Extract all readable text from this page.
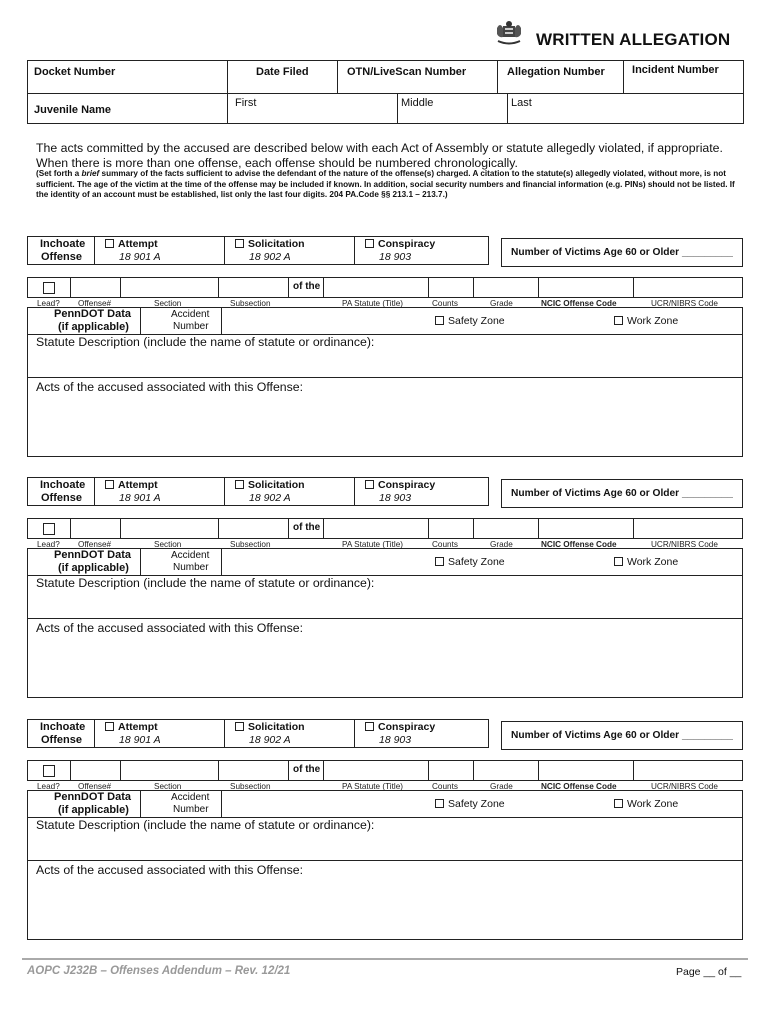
WRITTEN ALLEGATION
Docket Number	Date Filed	OTN/LiveScan Number		Allegation Number		Incident Number

Juvenile Name	First		Middle		Last	
The acts committed by the accused are described below with each Act of Assembly or statute allegedly violated, if appropriate. When there is more than one offense, each offense should be numbered chronologically.
(Set forth a brief summary of the facts sufficient to advise the defendant of the nature of the offense(s) charged. A citation to the statute(s) allegedly violated, without more, is not sufficient. The age of the victim at the time of the offense may be included if known. In addition, social security numbers and financial information (e.g. PINs) should not be listed. If the identity of an account must be established, list only the last four digits. 204 PA.Code §§ 213.1 – 213.7.)
Inchoate
Offense
Attempt
18 901 A
Solicitation
18 902 A
Conspiracy
18 903	Number of Victims Age 60 or Older _________
of the
Lead? Offense#	Section	Subsection	PA Statute (Title)	Counts	Grade	NCIC Offense Code	UCR/NIBRS Code
PennDOT Data
(if applicable)
Accident
Number	Safety Zone	Work Zone
Statute Description (include the name of statute or ordinance):
Acts of the accused associated with this Offense:
Inchoate
Offense
Attempt
18 901 A
Solicitation
18 902 A
Conspiracy
18 903	Number of Victims Age 60 or Older _________
of the
Lead? Offense#	Section	Subsection	PA Statute (Title)	Counts	Grade	NCIC Offense Code	UCR/NIBRS Code
PennDOT Data
(if applicable)
Accident
Number	Safety Zone	Work Zone
Statute Description (include the name of statute or ordinance):
Acts of the accused associated with this Offense:
Inchoate
Offense
Attempt
18 901 A
Solicitation
18 902 A
Conspiracy
18 903	Number of Victims Age 60 or Older _________
of the
Lead? Offense#	Section	Subsection	PA Statute (Title)	Counts	Grade	NCIC Offense Code	UCR/NIBRS Code
PennDOT Data
(if applicable)
Accident
Number	Safety Zone	Work Zone
Statute Description (include the name of statute or ordinance):
Acts of the accused associated with this Offense:
AOPC J232B – Offenses Addendum – Rev. 12/21	Page __ of __
